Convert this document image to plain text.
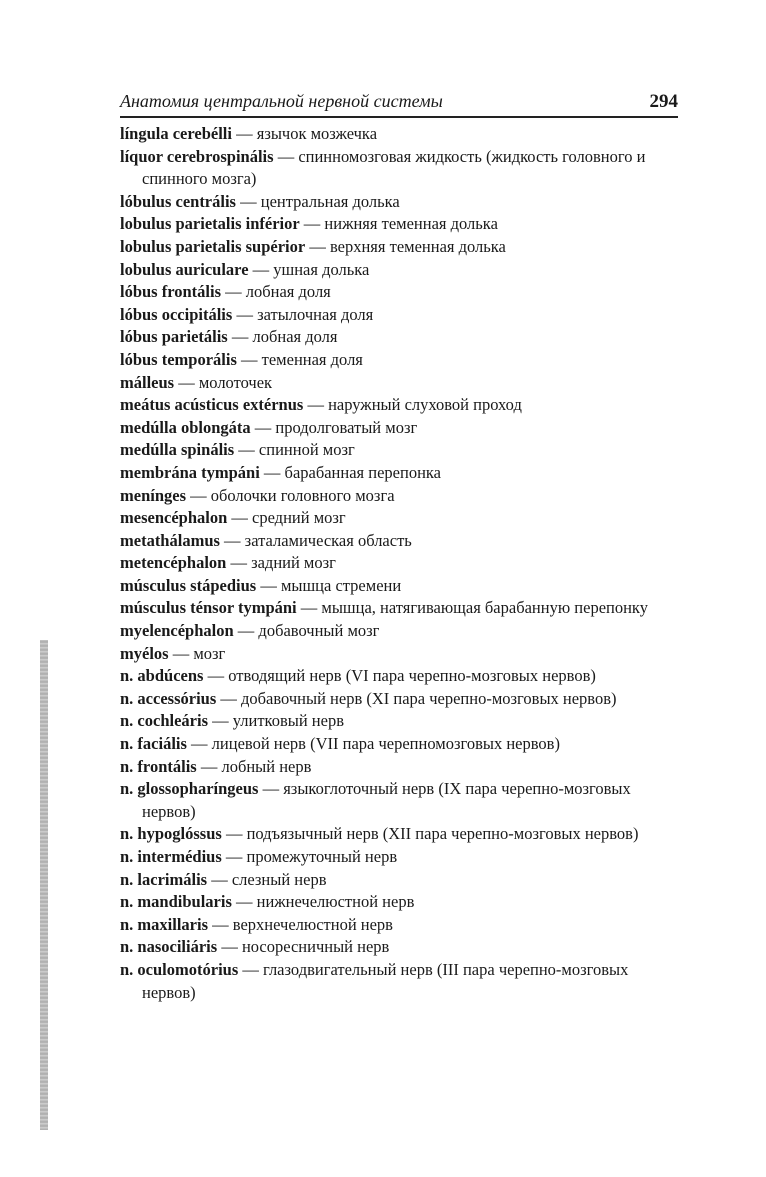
Анатомия центральной нервной системы	294
língula cerebélli — язычок мозжечка
líquor cerebrospinális — спинномозговая жидкость (жидкость головного и спинного мозга)
lóbulus centrális — центральная долька
lobulus parietalis inférior — нижняя теменная долька
lobulus parietalis supérior — верхняя теменная долька
lobulus auriculare — ушная долька
lóbus frontális — лобная доля
lóbus occipitális — затылочная доля
lóbus parietális — лобная доля
lóbus temporális — теменная доля
málleus — молоточек
meátus acústicus extérnus — наружный слуховой проход
medúlla oblongáta — продолговатый мозг
medúlla spinális — спинной мозг
membrána tympáni — барабанная перепонка
menínges — оболочки головного мозга
mesencéphalon — средний мозг
metathálamus — заталамическая область
metencéphalon — задний мозг
músculus stápedius — мышца стремени
músculus ténsor tympáni — мышца, натягивающая барабанную перепонку
myelencéphalon — добавочный мозг
myélos — мозг
n. abdúcens — отводящий нерв (VI пара черепно-мозговых нервов)
n. accessórius — добавочный нерв (XI пара черепно-мозговых нервов)
n. cochleáris — улитковый нерв
n. faciális — лицевой нерв (VII пара черепномозговых нервов)
n. frontális — лобный нерв
n. glossopharíngeus — языкоглоточный нерв (IX пара черепно-мозговых нервов)
n. hypoglóssus — подъязычный нерв (XII пара черепно-мозговых нервов)
n. intermédius — промежуточный нерв
n. lacrimális — слезный нерв
n. mandibularis — нижнечелюстной нерв
n. maxillaris — верхнечелюстной нерв
n. nasociliáris — носоресничный нерв
n. oculomotórius — глазодвигательный нерв (III пара черепно-мозговых нервов)
